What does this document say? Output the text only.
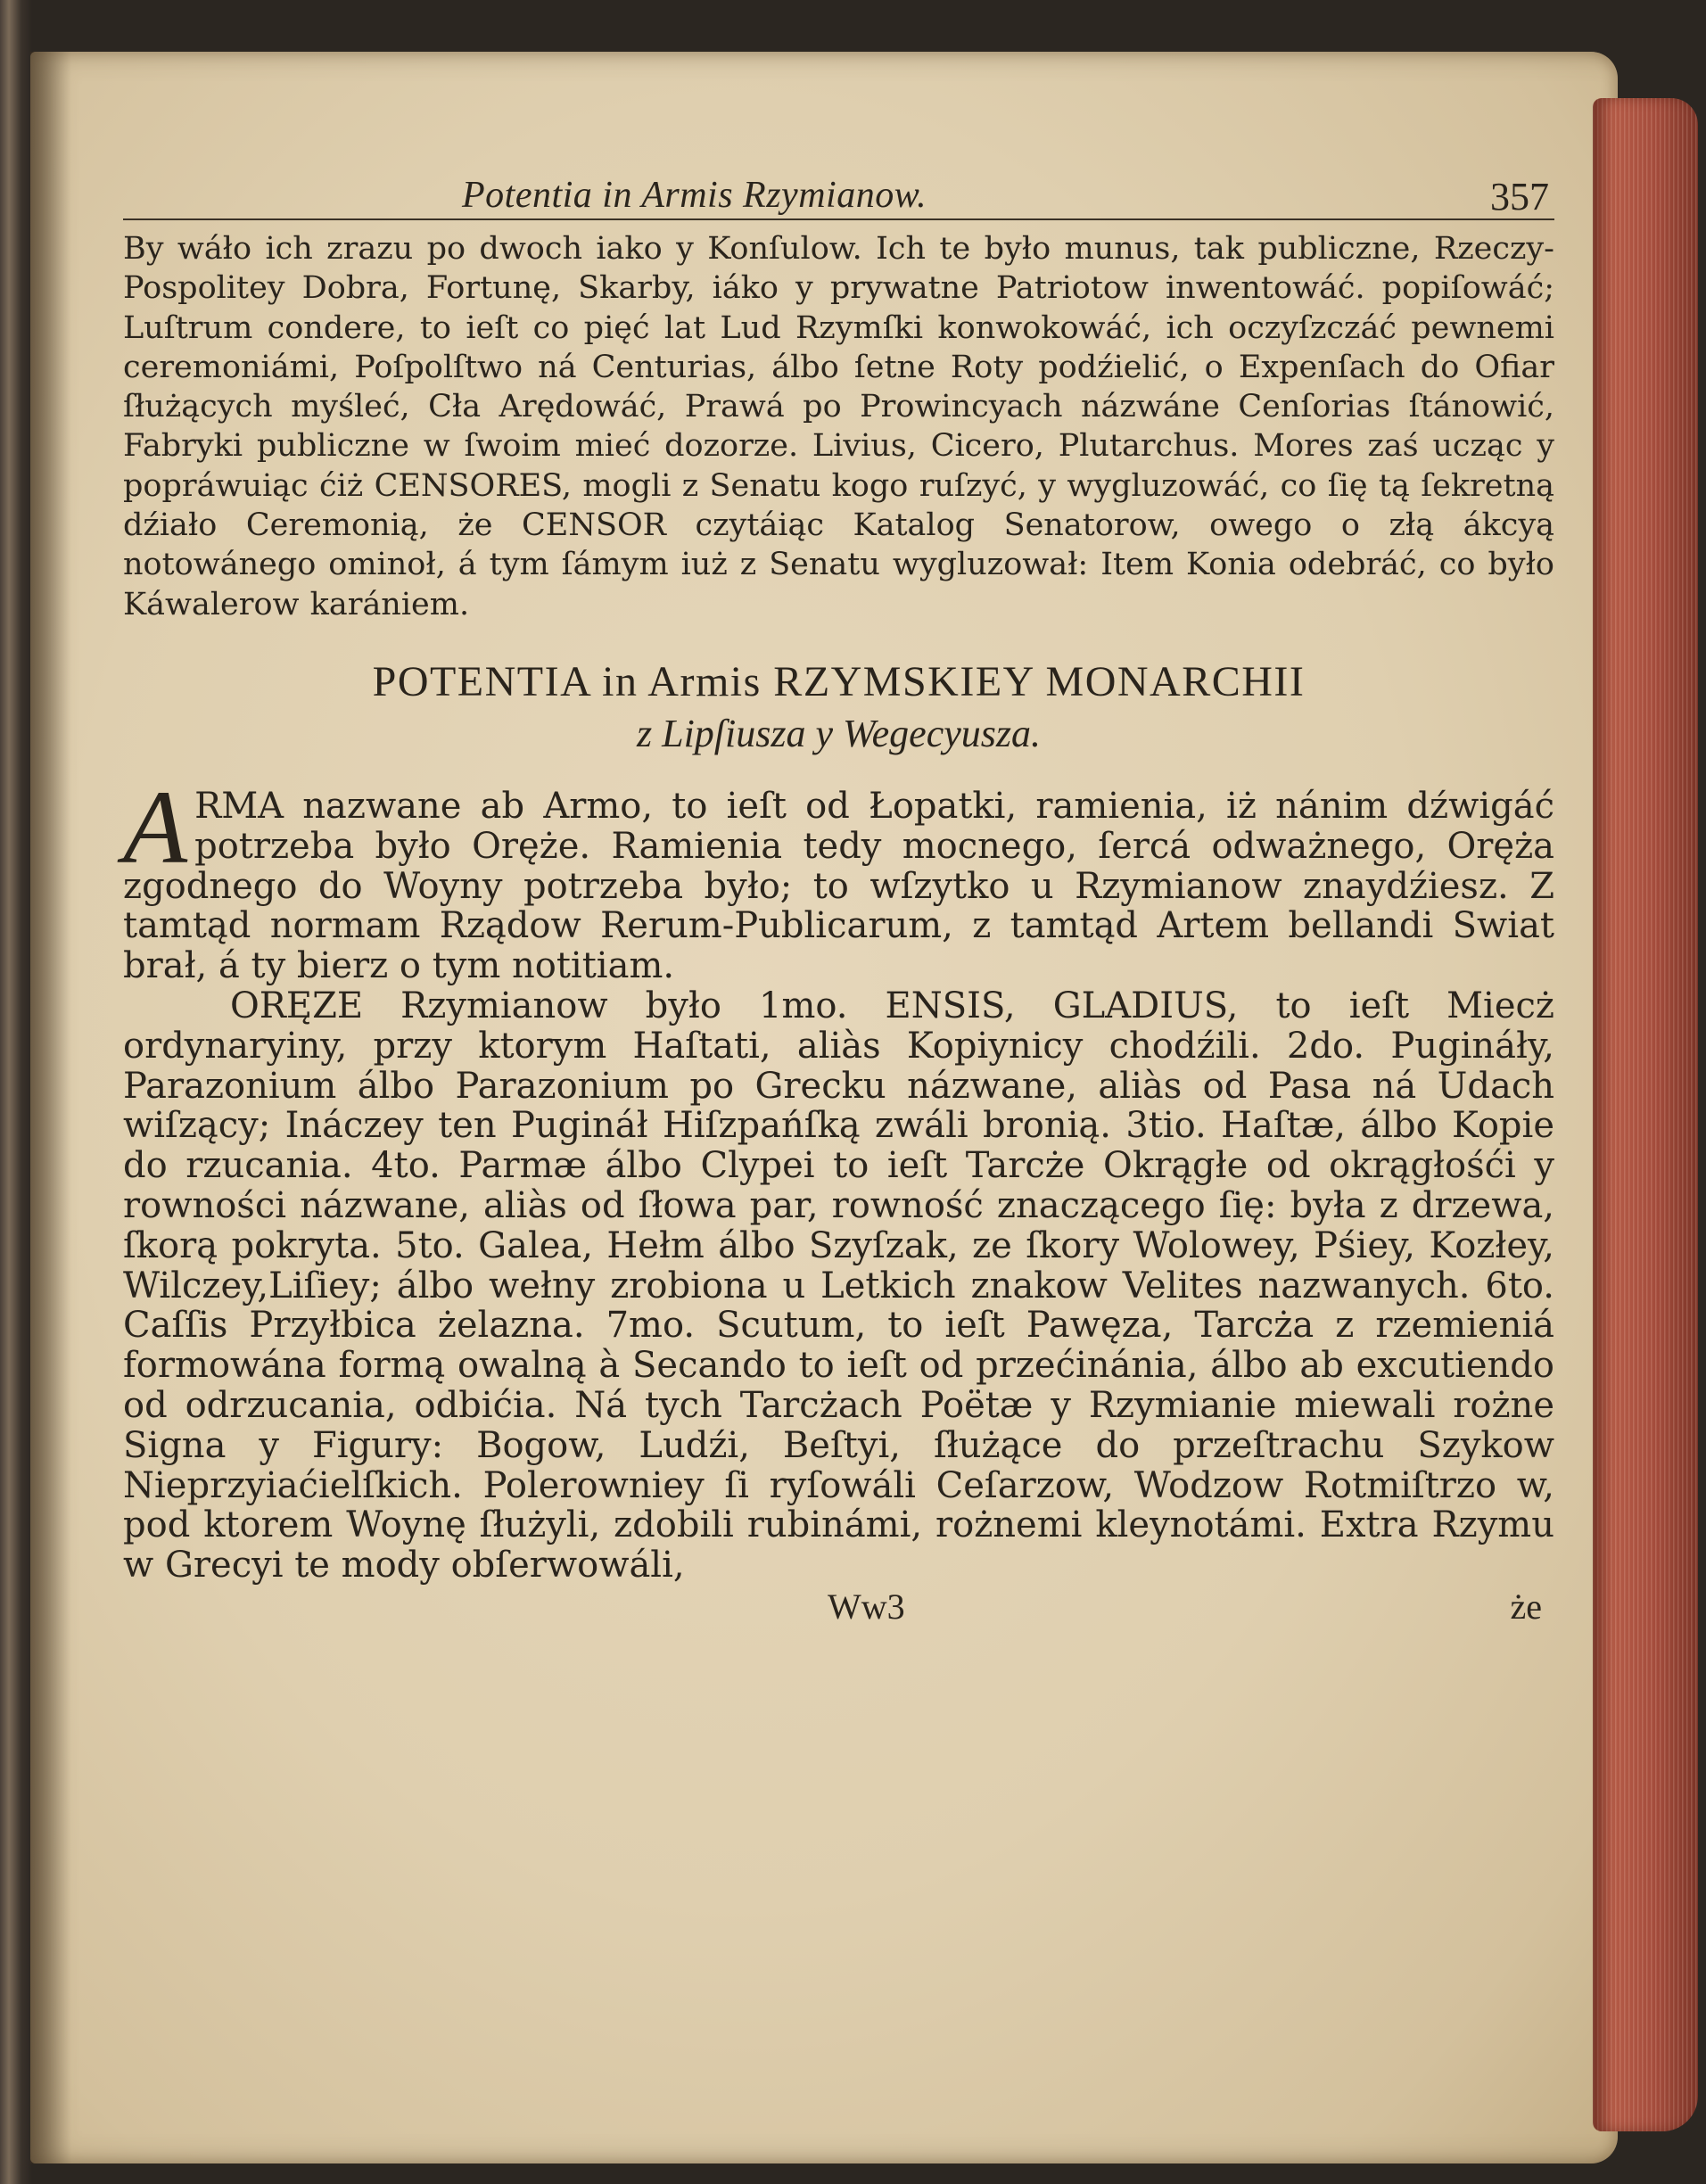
Potentia in Armis Rzymianow.	357

By wáło ich zrazu po dwoch iako y Konſulow. Ich te było munus, tak publiczne, Rzeczy-Pospolitey Dobra, Fortunę, Skarby, iáko y prywatne Patriotow inwentowáć. popiſowáć; Luſtrum condere, to ieſt co pięć lat Lud Rzymſki konwokowáć, ich oczyſzczáć pewnemi ceremoniámi, Poſpolſtwo ná Centurias, álbo ſetne Roty podźielić, o Expenſach do Ofiar ſłużących myśleć, Cła Arędowáć, Prawá po Prowincyach názwáne Cenſorias ſtánowić, Fabryki publiczne w ſwoim mieć dozorze. Livius, Cicero, Plutarchus. Mores zaś ucząc y popráwuiąc ćiż CENSORES, mogli z Senatu kogo ruſzyć, y wygluzowáć, co ſię tą ſekretną dźiało Ceremonią, że CENSOR czytáiąc Katalog Senatorow, owego o złą ákcyą notowánego ominoł, á tym ſámym iuż z Senatu wygluzował: Item Konia odebráć, co było Káwalerow karániem.

POTENTIA in Armis RZYMSKIEY MONARCHII
z Lipſiusza y Wegecyusza.
A RMA nazwane ab Armo, to ieſt od Łopatki, ramienia, iż nánim dźwigáć potrzeba było Oręże. Ramienia tedy mocnego, ſercá odważnego, Oręża zgodnego do Woyny potrzeba było; to wſzytko u Rzymianow znaydźiesz. Z tamtąd normam Rządow Rerum-Publicarum, z tamtąd Artem bellandi Swiat brał, á ty bierz o tym notitiam.

ORĘZE Rzymianow było 1mo. ENSIS, GLADIUS, to ieſt Miecż ordynaryiny, przy ktorym Haſtati, aliàs Kopiynicy chodźili. 2do. Pugináły, Parazonium álbo Parazonium po Grecku názwane, aliàs od Pasa ná Udach wiſzący; Ináczey ten Pugináł Hiſzpańſką zwáli bronią. 3tio. Haſtæ, álbo Kopie do rzucania. 4to. Parmæ álbo Clypei to ieſt Tarcże Okrągłe od okrągłośći y rowności názwane, aliàs od ſłowa par, rowność znaczącego ſię: była z drzewa, ſkorą pokryta. 5to. Galea, Hełm álbo Szyſzak, ze ſkory Wolowey, Pśiey, Kozłey, Wilczey,Liſiey; álbo wełny zrobiona u Letkich znakow Velites nazwanych. 6to. Caſſis Przyłbica żelazna. 7mo. Scutum, to ieſt Pawęza, Tarcża z rzemieniá formowána formą owalną à Secando to ieſt od przećinánia, álbo ab excutiendo od odrzucania, odbićia. Ná tych Tarcżach Poëtæ y Rzymianie miewali rożne Signa y Figury: Bogow, Ludźi, Beſtyi, ſłużące do przeſtrachu Szykow Nieprzyiaćielſkich. Polerowniey ſi ryſowáli Ceſarzow, Wodzow Rotmiſtrzo w, pod ktorem Woynę ſłużyli, zdobili rubinámi, rożnemi kleynotámi. Extra Rzymu w Grecyi te mody obſerwowáli,

Ww3	że
